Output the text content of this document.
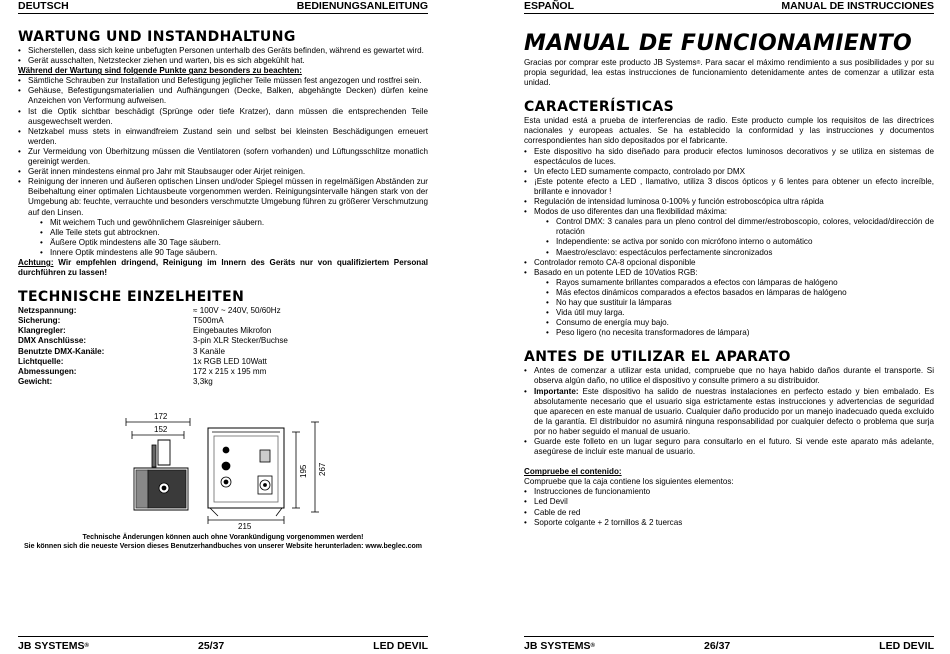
DEUTSCH	BEDIENUNGSANLEITUNG
WARTUNG UND INSTANDHALTUNG
• Sicherstellen, dass sich keine unbefugten Personen unterhalb des Geräts befinden, während es gewartet wird.
• Gerät ausschalten, Netzstecker ziehen und warten, bis es sich abgekühlt hat.
Während der Wartung sind folgende Punkte ganz besonders zu beachten:
• Sämtliche Schrauben zur Installation und Befestigung jeglicher Teile müssen fest angezogen und rostfrei sein.
• Gehäuse, Befestigungsmaterialien und Aufhängungen (Decke, Balken, abgehängte Decken) dürfen keine Anzeichen von Verformung aufweisen.
• Ist die Optik sichtbar beschädigt (Sprünge oder tiefe Kratzer), dann müssen die entsprechenden Teile ausgewechselt werden.
• Netzkabel muss stets in einwandfreiem Zustand sein und selbst bei kleinsten Beschädigungen erneuert werden.
• Zur Vermeidung von Überhitzung müssen die Ventilatoren (sofern vorhanden) und Lüftungsschlitze monatlich gereinigt werden.
• Gerät innen mindestens einmal pro Jahr mit Staubsauger oder Airjet reinigen.
• Reinigung der inneren und äußeren optischen Linsen und/oder Spiegel müssen in regelmäßigen Abständen zur Beibehaltung einer optimalen Lichtausbeute vorgenommen werden. Reinigungsintervalle hängen stark von der Umgebung ab: feuchte, verrauchte und besonders verschmutzte Umgebung führen zu größerer Verschmutzung auf den Linsen.
• Mit weichem Tuch und gewöhnlichem Glasreiniger säubern.
• Alle Teile stets gut abtrocknen.
• Äußere Optik mindestens alle 30 Tage säubern.
• Innere Optik mindestens alle 90 Tage säubern.
Achtung: Wir empfehlen dringend, Reinigung im Innern des Geräts nur von qualifiziertem Personal durchführen zu lassen!
TECHNISCHE EINZELHEITEN
Netzspannung:	≈ 100V ~ 240V, 50/60Hz
Sicherung:	T500mA
Klangregler:	Eingebautes Mikrofon
DMX Anschlüsse:	3-pin XLR Stecker/Buchse
Benutzte DMX-Kanäle:	3 Kanäle
Lichtquelle:	1x RGB LED 10Watt
Abmessungen:	172 x 215 x 195 mm
Gewicht:	3,3kg
172
152
215
195 267
Technische Änderungen können auch ohne Vorankündigung vorgenommen werden!
Sie können sich die neueste Version dieses Benutzerhandbuches von unserer Website herunterladen: www.beglec.com
JB SYSTEMS®	25/37	LED DEVIL
ESPAÑOL	MANUAL DE INSTRUCCIONES
MANUAL DE FUNCIONAMIENTO
Gracias por comprar este producto JB Systems®. Para sacar el máximo rendimiento a sus posibilidades y por su propia seguridad, lea estas instrucciones de funcionamiento detenidamente antes de comenzar a utilizar esta unidad.
CARACTERÍSTICAS
Esta unidad está a prueba de interferencias de radio. Este producto cumple los requisitos de las directrices nacionales y europeas actuales. Se ha establecido la conformidad y las instrucciones y documentos correspondientes han sido depositados por el fabricante.
• Este dispositivo ha sido diseñado para producir efectos luminosos decorativos y se utiliza en sistemas de espectáculos de luces.
• Un efecto LED sumamente compacto, controlado por DMX
• ¡Este potente efecto a LED , llamativo, utiliza 3 discos ópticos y 6 lentes para obtener un efecto increíble, brillante e innovador !
• Regulación de intensidad luminosa 0-100% y función estroboscópica ultra rápida
• Modos de uso diferentes dan una flexibilidad máxima:
• Control DMX: 3 canales para un pleno control del dimmer/estroboscopio, colores, velocidad/dirección de rotación
• Independiente: se activa por sonido con micrófono interno o automático
• Maestro/esclavo: espectáculos perfectamente sincronizados
• Controlador remoto CA-8 opcional disponible
• Basado en un potente LED de 10Vatios RGB:
• Rayos sumamente brillantes comparados a efectos con lámparas de halógeno
• Más efectos dinámicos comparados a efectos basados en lámparas de halógeno
• No hay que sustituir la lámparas
• Vida útil muy larga.
• Consumo de energía muy bajo.
• Peso ligero (no necesita transformadores de lámpara)
ANTES DE UTILIZAR EL APARATO
• Antes de comenzar a utilizar esta unidad, compruebe que no haya habido daños durante el transporte. Si observa algún daño, no utilice el dispositivo y consulte primero a su distribuidor.
• Importante: Este dispositivo ha salido de nuestras instalaciones en perfecto estado y bien embalado. Es absolutamente necesario que el usuario siga estrictamente estas instrucciones y advertencias de seguridad que aparecen en este manual de usuario. Cualquier daño producido por un manejo inadecuado queda excluido de la garantía. El distribuidor no asumirá ninguna responsabilidad por cualquier defecto o problema que surja por no haber seguido el manual de usuario.
• Guarde este folleto en un lugar seguro para consultarlo en el futuro. Si vende este aparato más adelante, asegúrese de incluir este manual de usuario.
Compruebe el contenido:
Compruebe que la caja contiene los siguientes elementos:
• Instrucciones de funcionamiento
• Led Devil
• Cable de red
• Soporte colgante + 2 tornillos & 2 tuercas
JB SYSTEMS®	26/37	LED DEVIL
